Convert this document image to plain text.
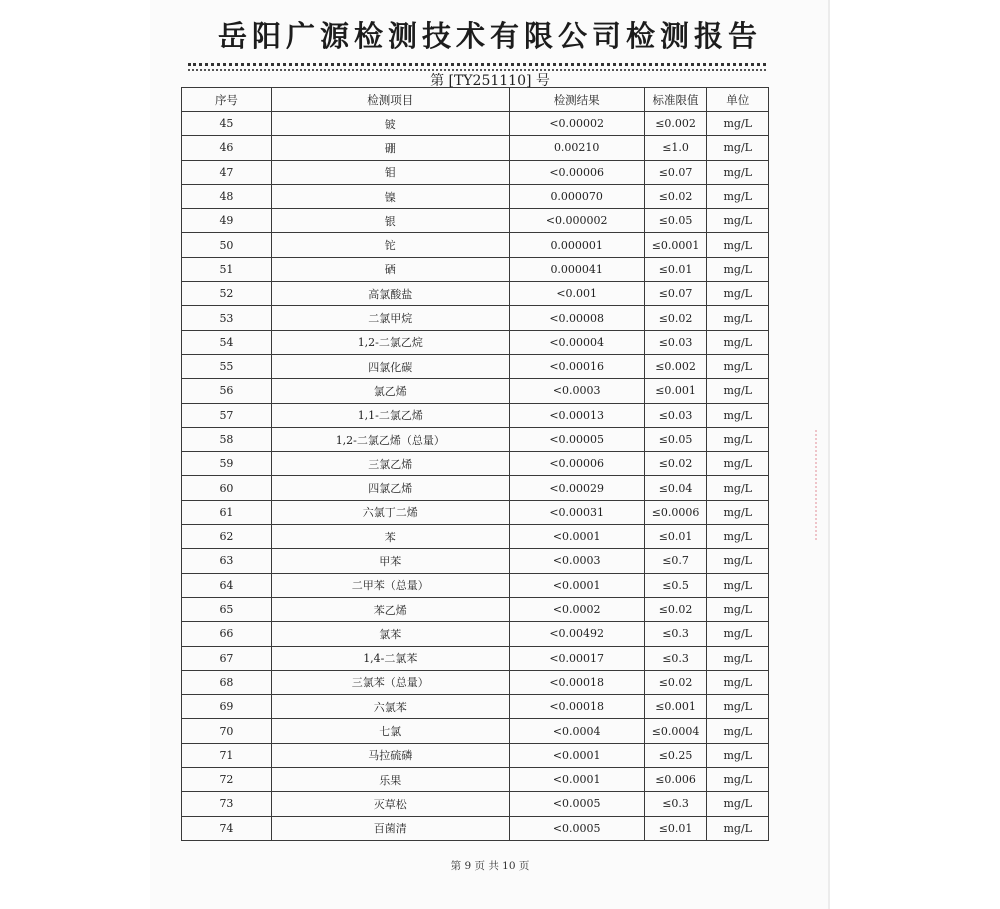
岳阳广源检测技术有限公司检测报告
第 [TY251110] 号
序号	检测项目	检测结果	标准限值	单位
45	铍	<0.00002	≤0.002	mg/L
46	硼	0.00210	≤1.0	mg/L
47	钼	<0.00006	≤0.07	mg/L
48	镍	0.000070	≤0.02	mg/L
49	银	<0.000002	≤0.05	mg/L
50	铊	0.000001	≤0.0001	mg/L
51	硒	0.000041	≤0.01	mg/L
52	高氯酸盐	<0.001	≤0.07	mg/L
53	二氯甲烷	<0.00008	≤0.02	mg/L
54	1,2-二氯乙烷	<0.00004	≤0.03	mg/L
55	四氯化碳	<0.00016	≤0.002	mg/L
56	氯乙烯	<0.0003	≤0.001	mg/L
57	1,1-二氯乙烯	<0.00013	≤0.03	mg/L
58	1,2-二氯乙烯（总量）	<0.00005	≤0.05	mg/L
59	三氯乙烯	<0.00006	≤0.02	mg/L
60	四氯乙烯	<0.00029	≤0.04	mg/L
61	六氯丁二烯	<0.00031	≤0.0006	mg/L
62	苯	<0.0001	≤0.01	mg/L
63	甲苯	<0.0003	≤0.7	mg/L
64	二甲苯（总量）	<0.0001	≤0.5	mg/L
65	苯乙烯	<0.0002	≤0.02	mg/L
66	氯苯	<0.00492	≤0.3	mg/L
67	1,4-二氯苯	<0.00017	≤0.3	mg/L
68	三氯苯（总量）	<0.00018	≤0.02	mg/L
69	六氯苯	<0.00018	≤0.001	mg/L
70	七氯	<0.0004	≤0.0004	mg/L
71	马拉硫磷	<0.0001	≤0.25	mg/L
72	乐果	<0.0001	≤0.006	mg/L
73	灭草松	<0.0005	≤0.3	mg/L
74	百菌清	<0.0005	≤0.01	mg/L
第 9 页 共 10 页
